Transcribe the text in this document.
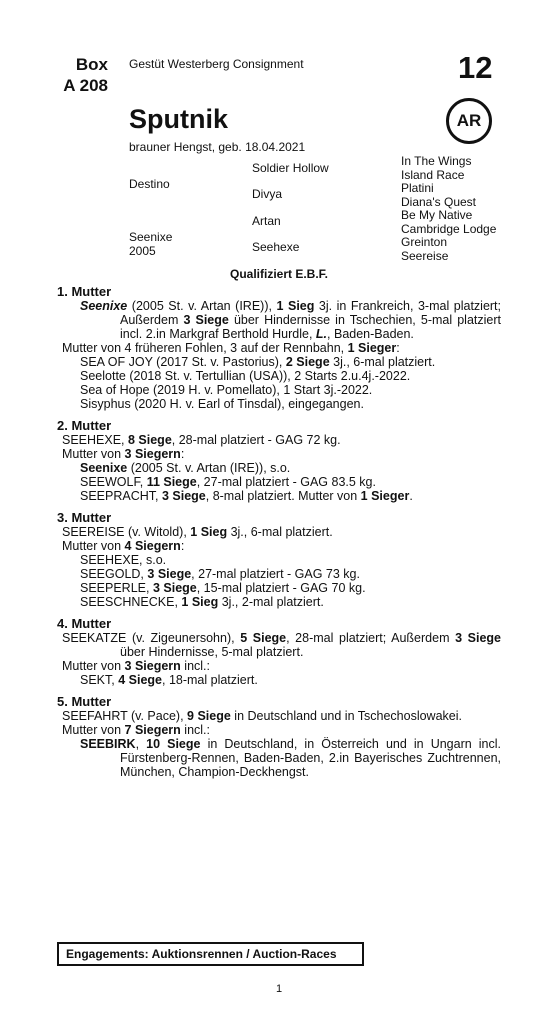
Box
A 208
Gestüt Westerberg Consignment	12
Sputnik	AR
brauner Hengst, geb. 18.04.2021
Destino
Seenixe
2005
Soldier Hollow
Divya
Artan
Seehexe
In The Wings
Island Race
Platini
Diana's Quest
Be My Native
Cambridge Lodge
Greinton
Seereise
Qualifiziert E.B.F.
1. Mutter
Seenixe (2005 St. v. Artan (IRE)), 1 Sieg 3j. in Frankreich, 3-mal platziert; Außerdem 3 Siege über Hindernisse in Tschechien, 5-mal platziert incl. 2.in Markgraf Berthold Hurdle, L., Baden-Baden.
Mutter von 4 früheren Fohlen, 3 auf der Rennbahn, 1 Sieger:
SEA OF JOY (2017 St. v. Pastorius), 2 Siege 3j., 6-mal platziert.
Seelotte (2018 St. v. Tertullian (USA)), 2 Starts 2.u.4j.-2022.
Sea of Hope (2019 H. v. Pomellato), 1 Start 3j.-2022.
Sisyphus (2020 H. v. Earl of Tinsdal), eingegangen.
2. Mutter
SEEHEXE, 8 Siege, 28-mal platziert - GAG 72 kg.
Mutter von 3 Siegern:
Seenixe (2005 St. v. Artan (IRE)), s.o.
SEEWOLF, 11 Siege, 27-mal platziert - GAG 83.5 kg.
SEEPRACHT, 3 Siege, 8-mal platziert. Mutter von 1 Sieger.
3. Mutter
SEEREISE (v. Witold), 1 Sieg 3j., 6-mal platziert.
Mutter von 4 Siegern:
SEEHEXE, s.o.
SEEGOLD, 3 Siege, 27-mal platziert - GAG 73 kg.
SEEPERLE, 3 Siege, 15-mal platziert - GAG 70 kg.
SEESCHNECKE, 1 Sieg 3j., 2-mal platziert.
4. Mutter
SEEKATZE (v. Zigeunersohn), 5 Siege, 28-mal platziert; Außerdem 3 Siege über Hindernisse, 5-mal platziert.
Mutter von 3 Siegern incl.:
SEKT, 4 Siege, 18-mal platziert.
5. Mutter
SEEFAHRT (v. Pace), 9 Siege in Deutschland und in Tschechoslowakei.
Mutter von 7 Siegern incl.:
SEEBIRK, 10 Siege in Deutschland, in Österreich und in Ungarn incl. Fürstenberg-Rennen, Baden-Baden, 2.in Bayerisches Zuchtrennen, München, Champion-Deckhengst.
Engagements: Auktionsrennen / Auction-Races
1
